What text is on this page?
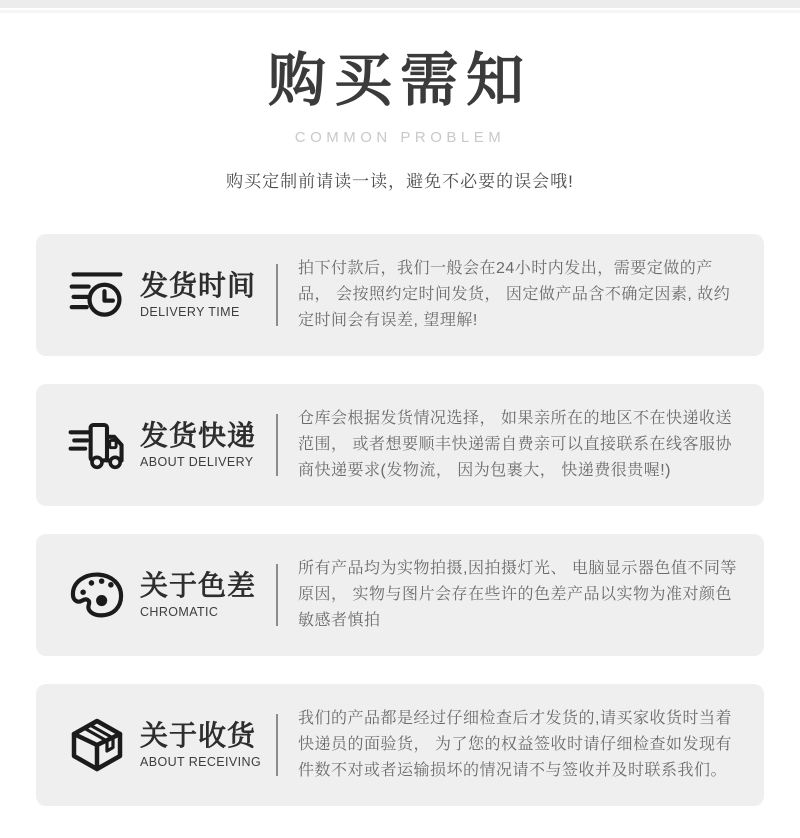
购买需知
COMMON PROBLEM
购买定制前请读一读，避免不必要的误会哦!
发货时间
DELIVERY TIME

拍下付款后，我们一般会在24小时内发出，需要定做的产品， 会按照约定时间发货， 因定做产品含不确定因素, 故约定时间会有误差, 望理解!

发货快递
ABOUT DELIVERY

仓库会根据发货情况选择， 如果亲所在的地区不在快递收送范围， 或者想要顺丰快递需自费亲可以直接联系在线客服协商快递要求(发物流， 因为包裹大， 快递费很贵喔!)

关于色差
CHROMATIC

所有产品均为实物拍摄,因拍摄灯光、 电脑显示器色值不同等原因， 实物与图片会存在些许的色差产品以实物为准对颜色敏感者慎拍

关于收货
ABOUT RECEIVING

我们的产品都是经过仔细检查后才发货的,请买家收货时当着快递员的面验货， 为了您的权益签收时请仔细检查如发现有件数不对或者运输损坏的情况请不与签收并及时联系我们。
